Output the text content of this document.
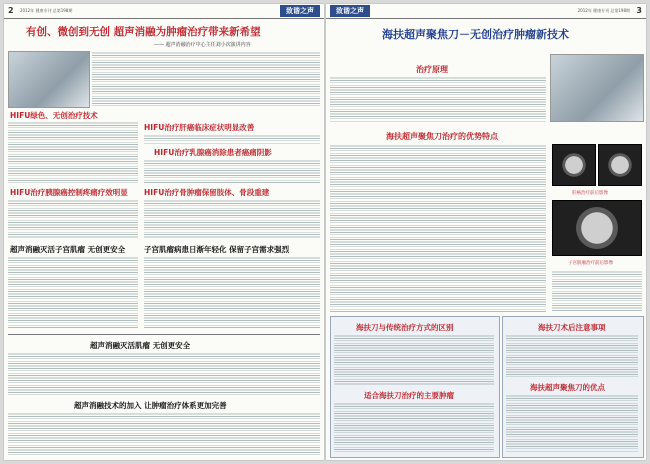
2 2012年 健康专刊 总第198期	致谐之声
有创、微创到无创 超声消融为肿瘤治疗带来新希望
—— 超声消融治疗中心主任刘小次演讲内容
HIFU绿色、无创治疗技术
HIFU治疗肝癌临床症状明显改善
HIFU治疗乳腺癌消除患者癌痛阴影
HIFU治疗胰腺癌控制疼痛疗效明显 HIFU治疗骨肿瘤保留肢体、骨段重建
超声消融灭活子宫肌瘤 无创更安全	子宫肌瘤病患日渐年轻化 保留子宫需求强烈
超声消融灭活肌瘤 无创更安全
超声消融技术的加入 让肿瘤治疗体系更加完善
致谐之声	2012年 健康专刊 总第198期 3
海扶超声聚焦刀－无创治疗肿瘤新技术
治疗原理
海扶超声聚焦刀治疗的优势特点
肝癌治疗前后影像
子宫肌瘤治疗前后影像
海扶刀与传统治疗方式的区别
适合海扶刀治疗的主要肿瘤
海扶刀术后注意事项
海扶超声聚焦刀的优点
